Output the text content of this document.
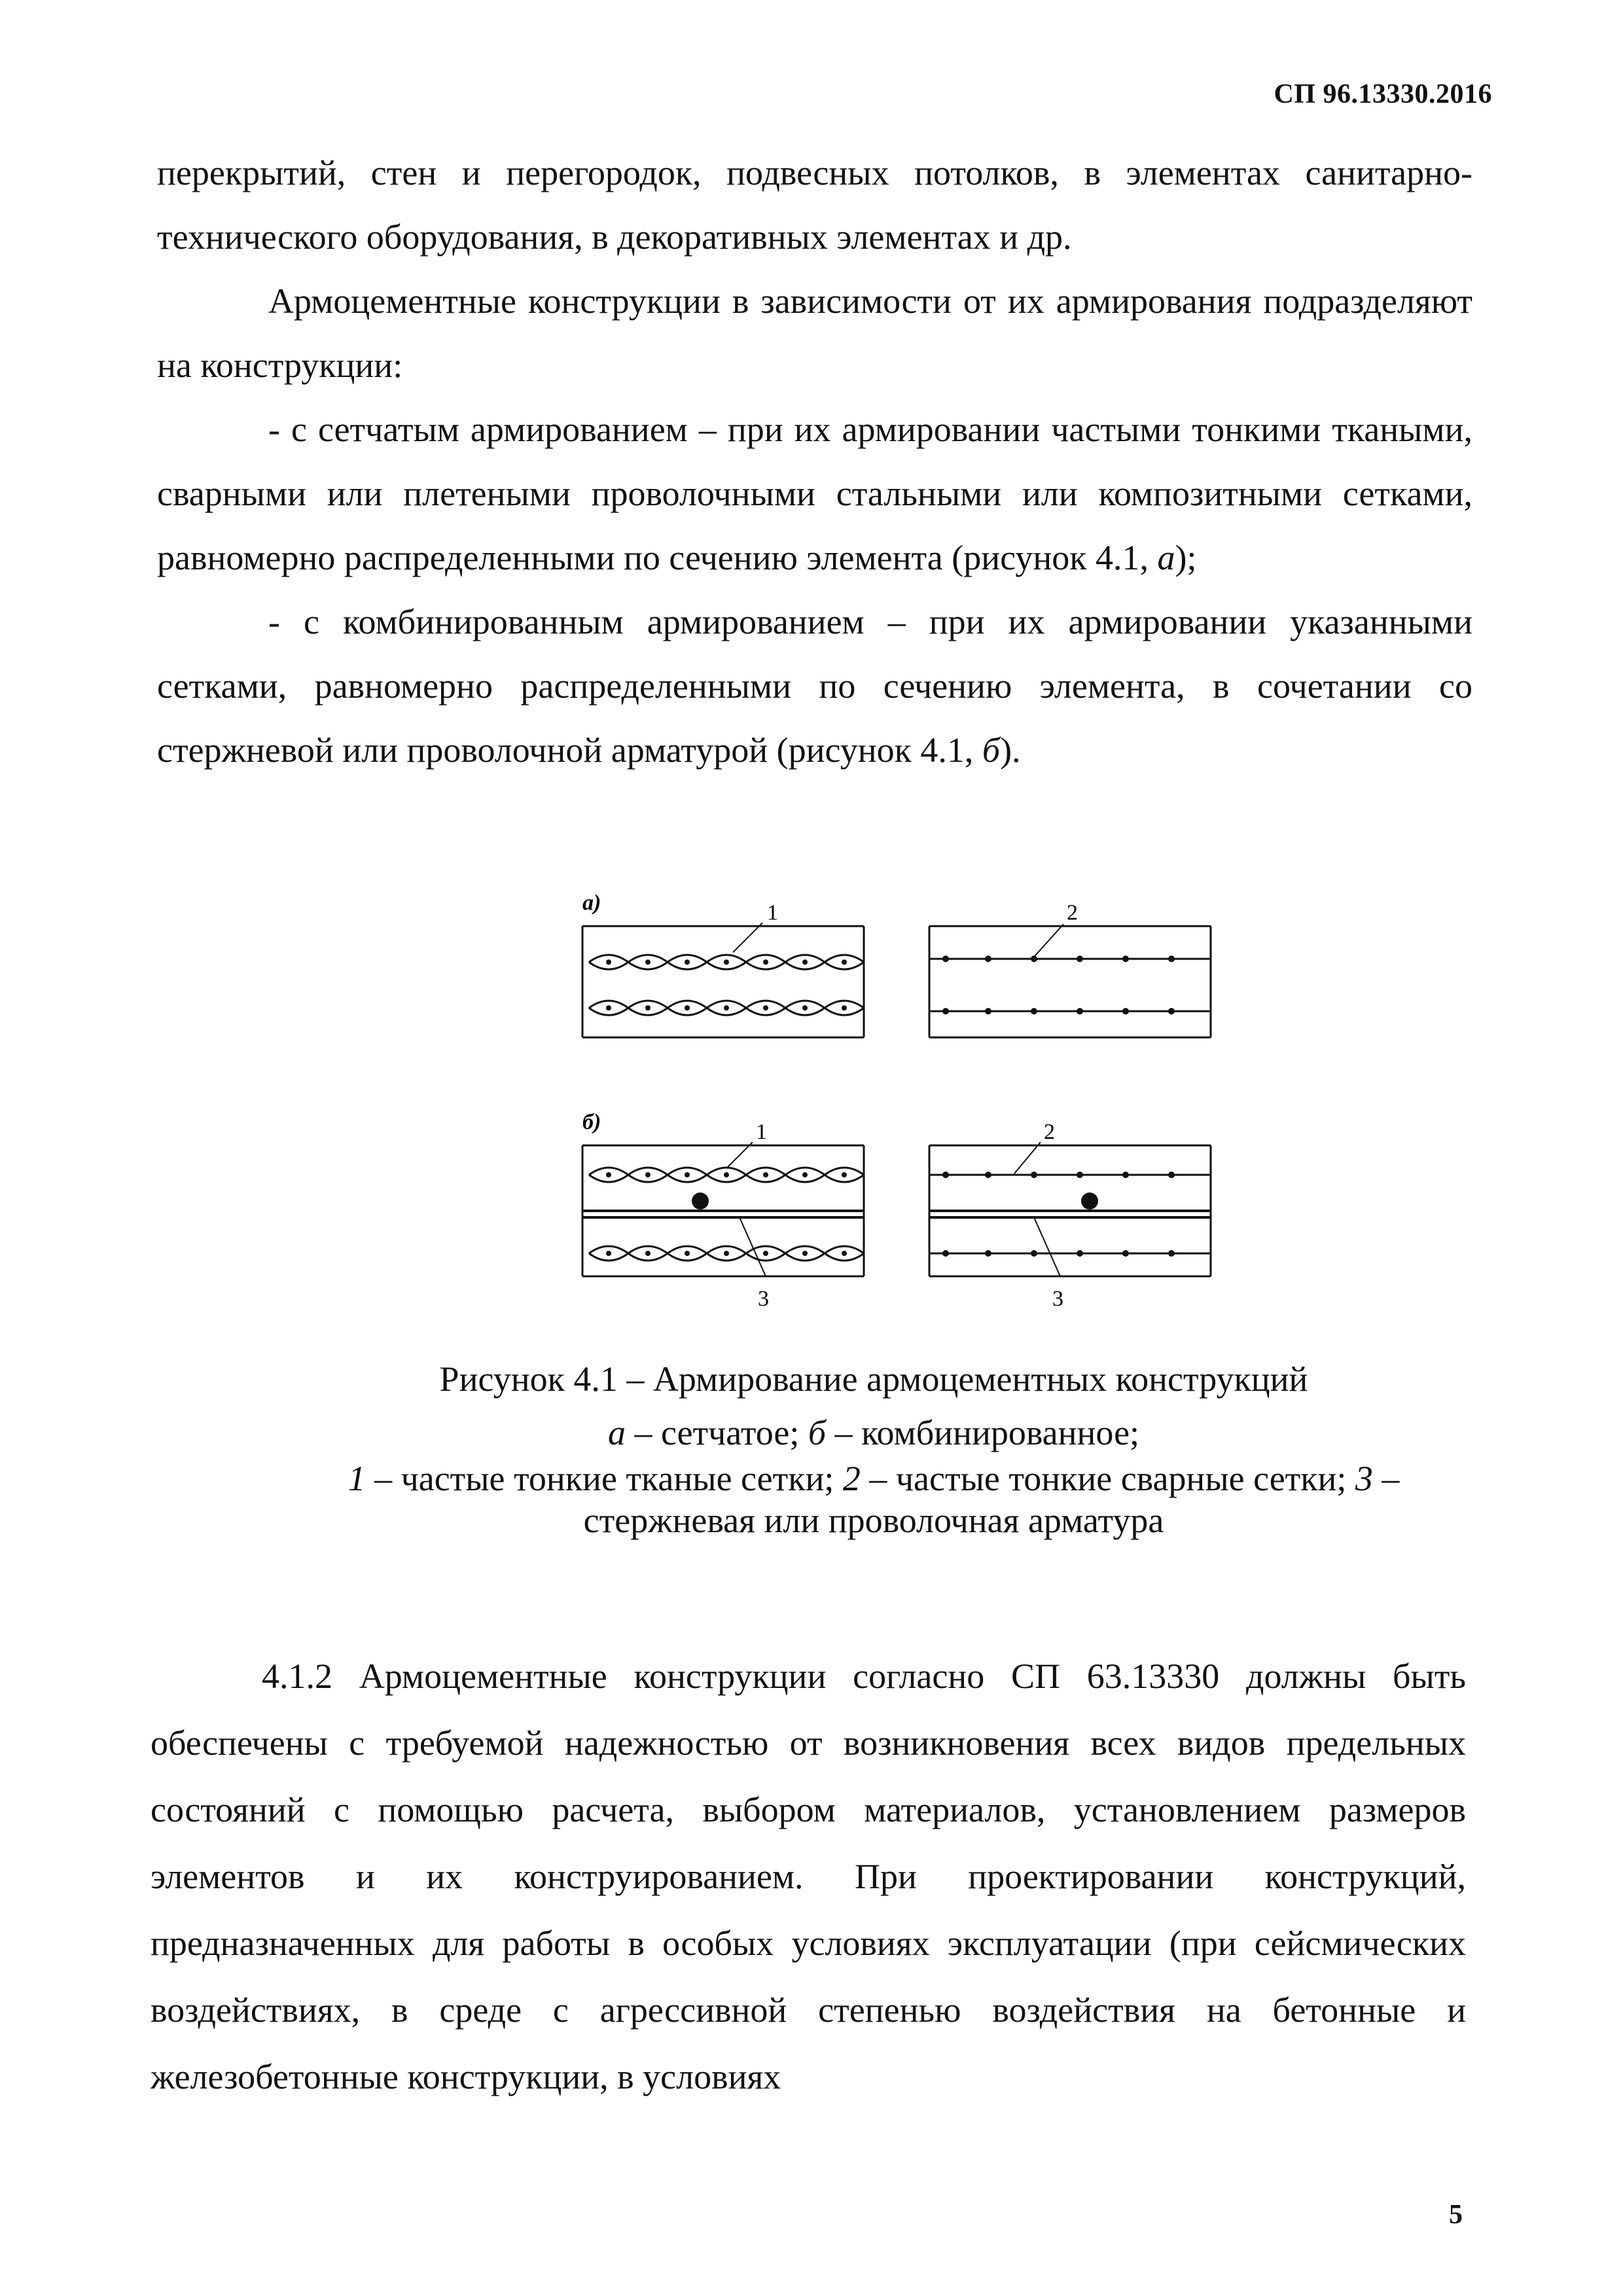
СП 96.13330.2016

перекрытий, стен и перегородок, подвесных потолков, в элементах санитарно-технического оборудования, в декоративных элементах и др.

Армоцементные конструкции в зависимости от их армирования подразделяют на конструкции:

- с сетчатым армированием – при их армировании частыми тонкими ткаными, сварными или плетеными проволочными стальными или композитными сетками, равномерно распределенными по сечению элемента (рисунок 4.1, а);

- с комбинированным армированием – при их армировании указанными сетками, равномерно распределенными по сечению элемента, в сочетании со стержневой или проволочной арматурой (рисунок 4.1, б).

а)	1	2
б)	1
3
2
3
Рисунок 4.1 – Армирование армоцементных конструкций
а – сетчатое; б – комбинированное;
1 – частые тонкие тканые сетки; 2 – частые тонкие сварные сетки; 3 –
стержневая или проволочная арматура

4.1.2 Армоцементные конструкции согласно СП 63.13330 должны быть обеспечены с требуемой надежностью от возникновения всех видов предельных состояний с помощью расчета, выбором материалов, установлением размеров элементов и их конструированием. При проектировании конструкций, предназначенных для работы в особых условиях эксплуатации (при сейсмических воздействиях, в среде с агрессивной степенью воздействия на бетонные и железобетонные конструкции, в условиях

5
